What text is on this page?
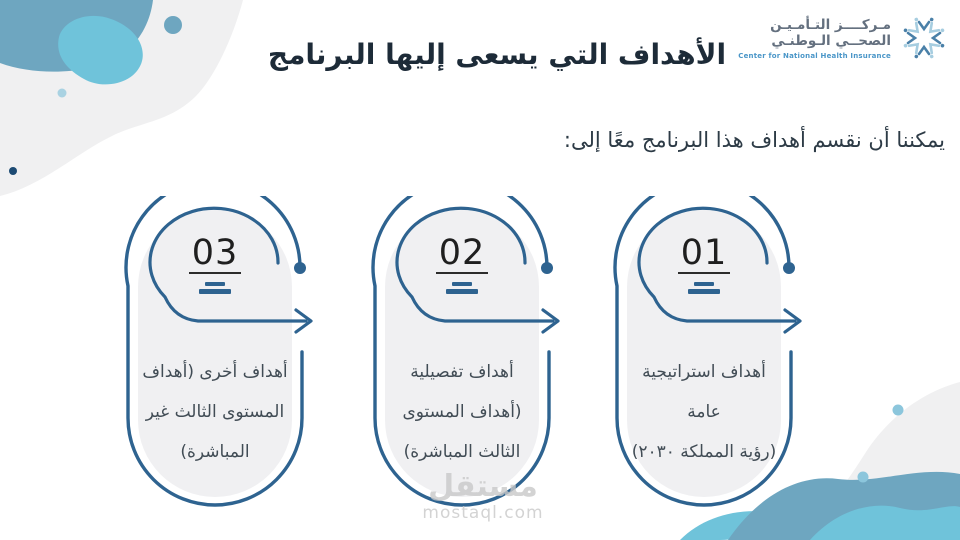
الأهداف التي يسعى إليها البرنامج
مـركــــز التـأمـيـن
الصحــي الـوطنـي
Center for National Health Insurance
يمكننا أن نقسم أهداف هذا البرنامج معًا إلى:
03
أهداف أخرى (أهداف
المستوى الثالث غير
المباشرة)
02
أهداف تفصيلية
(أهداف المستوى
الثالث المباشرة)
01
أهداف استراتيجية
عامة
(رؤية المملكة ٢٠٣٠)
مستقل
mostaql.com
